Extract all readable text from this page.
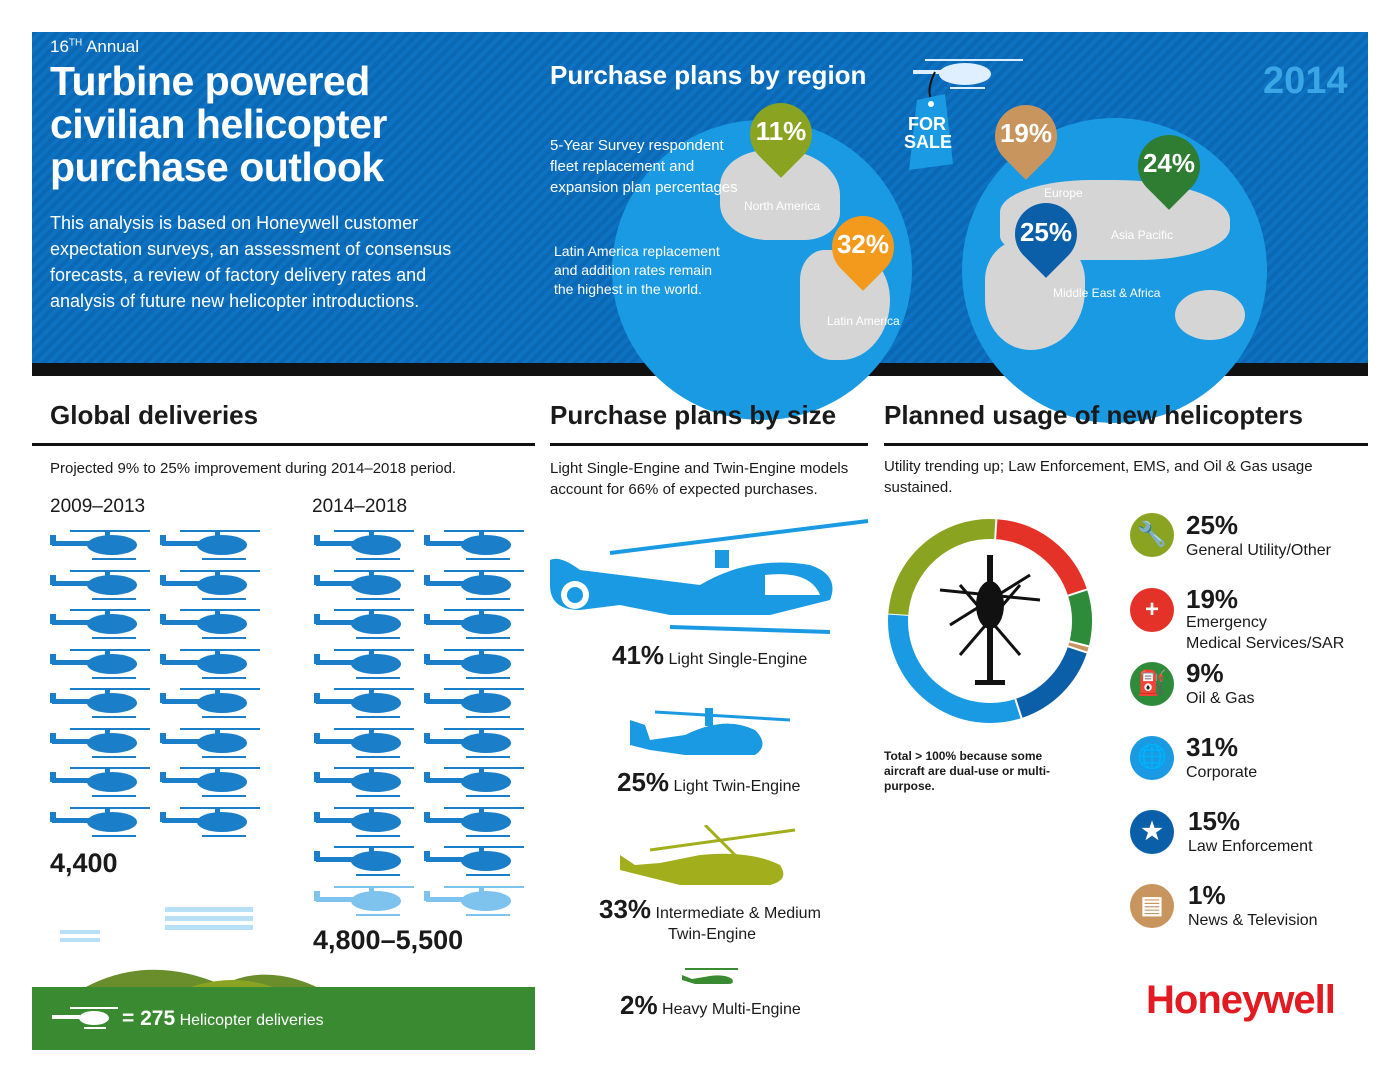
16TH Annual
Turbine powered civilian helicopter purchase outlook
This analysis is based on Honeywell customer expectation surveys, an assessment of consensus forecasts, a review of factory delivery rates and analysis of future new helicopter introductions.
Purchase plans by region	2014
FOR
SALE
5-Year Survey respondent fleet replacement and expansion plan percentages
Latin America replacement and addition rates remain the highest in the world.
11%
North America
32%
Latin America
19%
Europe
25%
Middle East & Africa
24%
Asia Pacific
Global deliveries
Projected 9% to 25% improvement during 2014–2018 period.
2009–2013	2014–2018
4,400
4,800–5,500
= 275 Helicopter deliveries
Purchase plans by size
Light Single-Engine and Twin-Engine models account for 66% of expected purchases.
41% Light Single-Engine
25% Light Twin-Engine
33% Intermediate & Medium
Twin-Engine
2% Heavy Multi-Engine
Planned usage of new helicopters
Utility trending up; Law Enforcement, EMS, and Oil & Gas usage sustained.
Total > 100% because some aircraft are dual-use or multi-purpose.
🔧 25%
General Utility/Other
+	19%
Emergency
Medical Services/SAR
⛽ 9%
Oil & Gas
🌐 31%
Corporate
★ 15%
Law Enforcement
▤ 1%
News & Television
Honeywell
